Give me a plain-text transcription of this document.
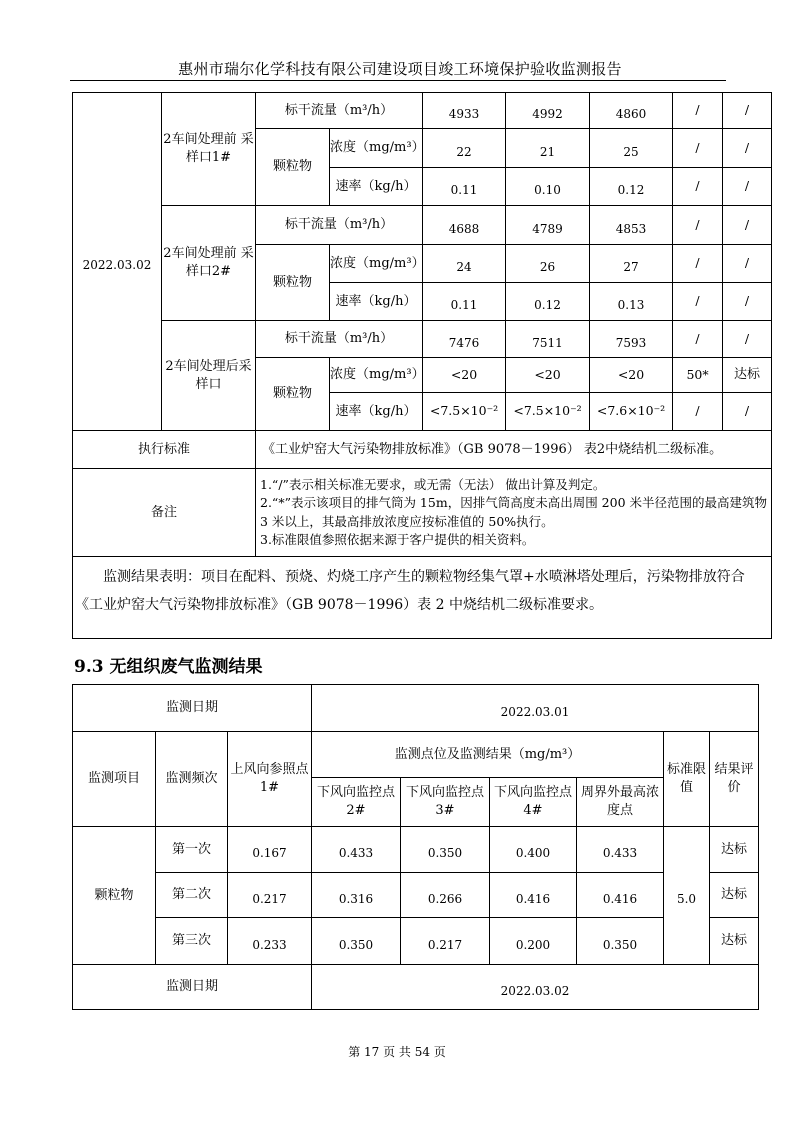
惠州市瑞尔化学科技有限公司建设项目竣工环境保护验收监测报告
2022.03.02	2车间处理前 采样口1#	标干流量（m³/h）		4933	4992	4860	/	/
		颗粒物	浓度（mg/m³）	22	21	25	/	/
			速率（kg/h）	0.11	0.10	0.12	/	/
	2车间处理前 采样口2#	标干流量（m³/h）		4688	4789	4853	/	/
		颗粒物	浓度（mg/m³）	24	26	27	/	/
			速率（kg/h）	0.11	0.12	0.13	/	/
	2车间处理后采样口	标干流量（m³/h）		7476	7511	7593	/	/
		颗粒物	浓度（mg/m³）	<20	<20	<20	50*	达标
			速率（kg/h）	<7.5×10⁻²	<7.5×10⁻²	<7.6×10⁻²	/	/
执行标准		《工业炉窑大气污染物排放标准》（GB 9078－1996） 表2中烧结机二级标准。						
备注		1.“/”表示相关标准无要求，或无需（无法） 做出计算及判定。
2.“*”表示该项目的排气筒为 15m，因排气筒高度未高出周围 200 米半径范围的最高建筑物 3 米以上，其最高排放浓度应按标准值的 50%执行。
3.标准限值参照依据来源于客户提供的相关资料。						

监测结果表明：项目在配料、预烧、灼烧工序产生的颗粒物经集气罩+水喷淋塔处理后，污染物排放符合《工业炉窑大气污染物排放标准》（GB 9078－1996）表 2 中烧结机二级标准要求。								
9.3 无组织废气监测结果
监测日期			2022.03.01					
监测项目	监测频次	上风向参照点1#	监测点位及监测结果（mg/m³）				标准限值	结果评价
			下风向监控点2#	下风向监控点3#	下风向监控点4#	周界外最高浓度点		
颗粒物	第一次	0.167	0.433	0.350	0.400	0.433	5.0	达标
	第二次	0.217	0.316	0.266	0.416	0.416		达标
	第三次	0.233	0.350	0.217	0.200	0.350		达标
监测日期			2022.03.02					
第 17 页 共 54 页
